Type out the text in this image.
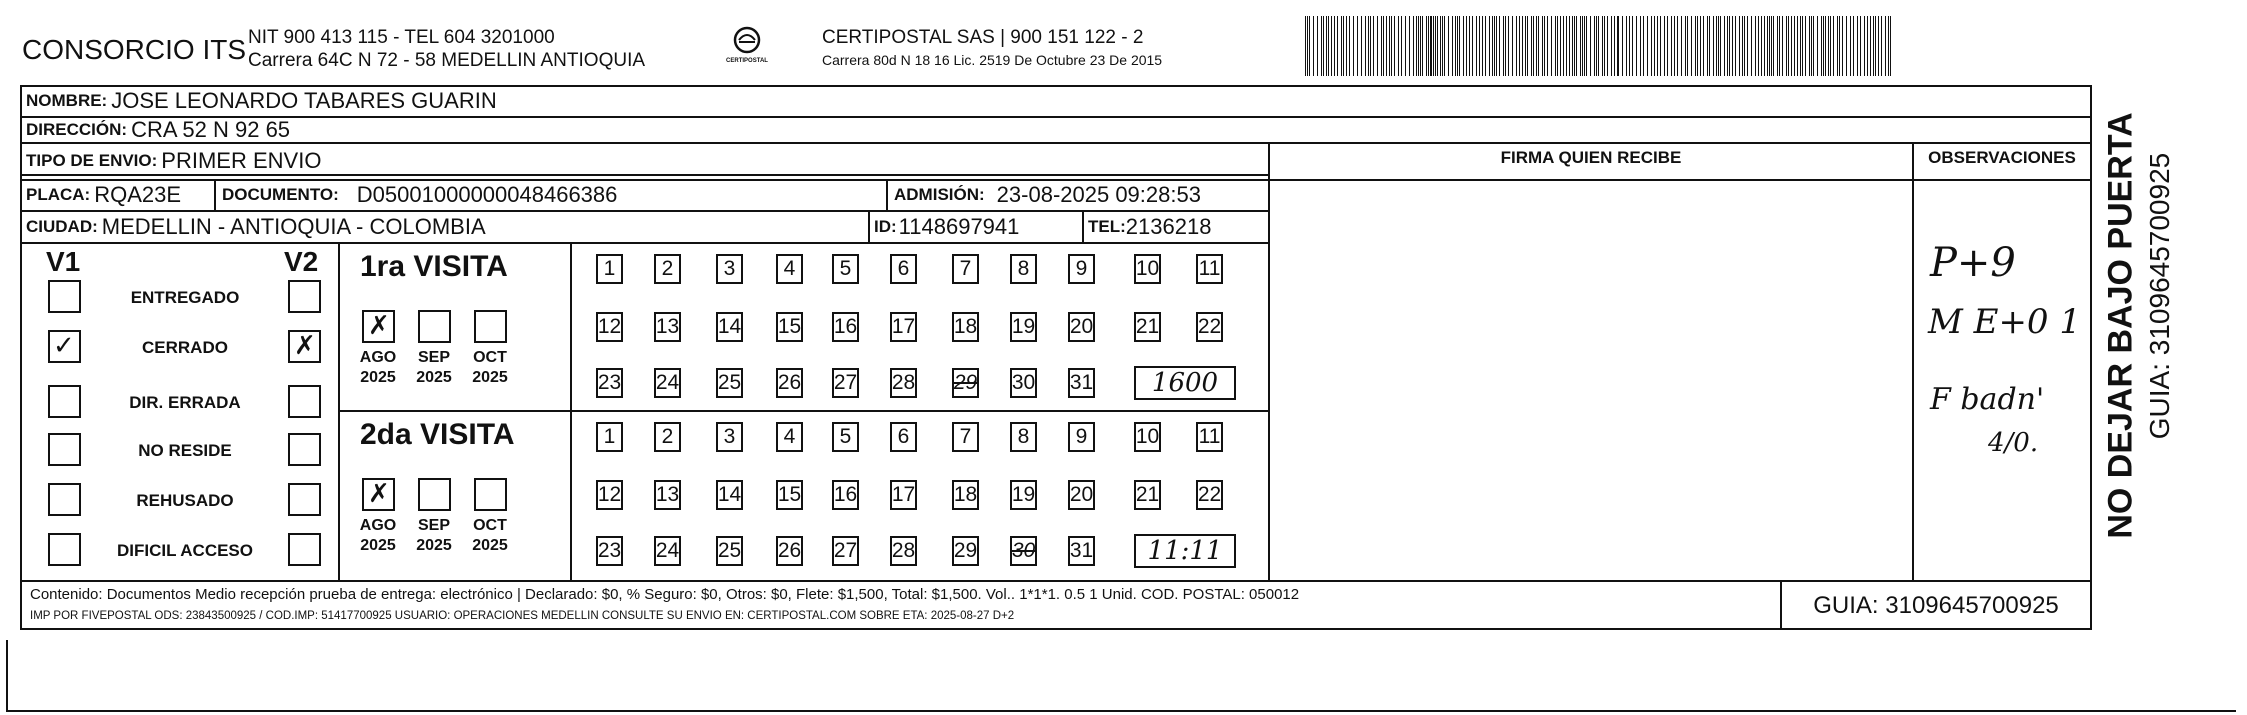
CONSORCIO ITS NIT 900 413 115 - TEL 604 3201000
Carrera 64C N 72 - 58 MEDELLIN ANTIOQUIA	CERTIPOSTAL
CERTIPOSTAL SAS | 900 151 122 - 2
Carrera 80d N 18 16 Lic. 2519 De Octubre 23 De 2015
NOMBRE: JOSE LEONARDO TABARES GUARIN
DIRECCIÓN: CRA 52 N 92 65
TIPO DE ENVIO: PRIMER ENVIO
PLACA: RQA23E DOCUMENTO: D05001000000048466386	ADMISIÓN: 23-08-2025 09:28:53
CIUDAD: MEDELLIN - ANTIOQUIA - COLOMBIA	ID: 1148697941	TEL: 2136218
FIRMA QUIEN RECIBE	OBSERVACIONES
P+9
M E+0 1
F badn'
4/0.
V1	V2
ENTREGADO
✓	CERRADO	✗
DIR. ERRADA
NO RESIDE
REHUSADO
DIFICIL ACCESO
1ra VISITA
✗
AGO
2025
SEP
2025
OCT
2025
1	2	3	4	5	6	7	8	9	10 11
12 13 14 15 16 17 18 19 20 21 22
23 24 25 26 27 28 29 30 31 1600
2da VISITA
✗
AGO
2025
SEP
2025
OCT
2025
1	2	3	4	5	6	7	8	9	10 11
12 13 14 15 16 17 18 19 20 21 22
23 24 25 26 27 28 29 30 31 11:11
Contenido: Documentos Medio recepción prueba de entrega: electrónico | Declarado: $0, % Seguro: $0, Otros: $0, Flete: $1,500, Total: $1,500. Vol.. 1*1*1. 0.5 1 Unid. COD. POSTAL: 050012
IMP POR FIVEPOSTAL ODS: 23843500925 / COD.IMP: 51417700925 USUARIO: OPERACIONES MEDELLIN CONSULTE SU ENVIO EN: CERTIPOSTAL.COM SOBRE ETA: 2025-08-27 D+2	GUIA: 3109645700925
NO DEJAR BAJO PUERTA GUIA: 3109645700925
